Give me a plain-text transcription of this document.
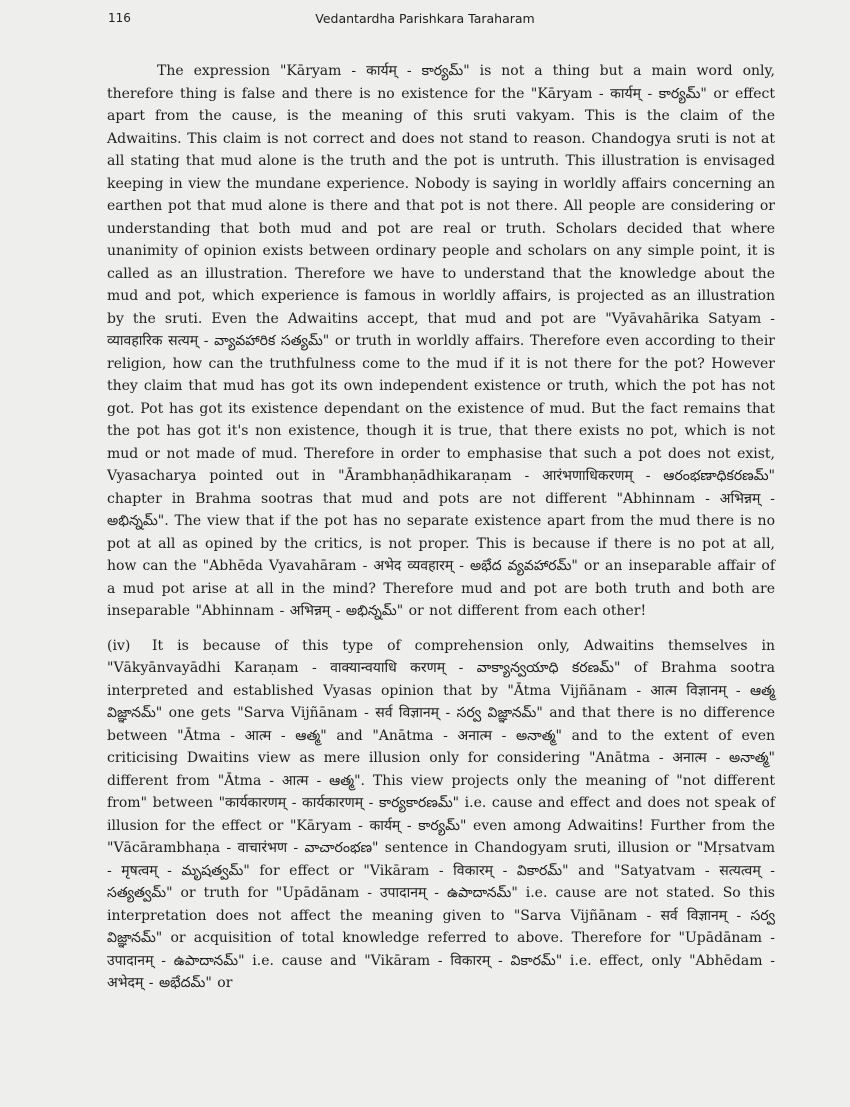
116	Vedantardha Parishkara Taraharam

The expression "Kāryam - कार्यम् - కార్యమ్" is not a thing but a main word only, therefore thing is false and there is no existence for the "Kāryam - कार्यम् - కార్యమ్" or effect apart from the cause, is the meaning of this sruti vakyam. This is the claim of the Adwaitins. This claim is not correct and does not stand to reason. Chandogya sruti is not at all stating that mud alone is the truth and the pot is untruth. This illustration is envisaged keeping in view the mundane experience. Nobody is saying in worldly affairs concerning an earthen pot that mud alone is there and that pot is not there. All people are considering or understanding that both mud and pot are real or truth. Scholars decided that where unanimity of opinion exists between ordinary people and scholars on any simple point, it is called as an illustration. Therefore we have to understand that the knowledge about the mud and pot, which experience is famous in worldly affairs, is projected as an illustration by the sruti. Even the Adwaitins accept, that mud and pot are "Vyāvahārika Satyam - व्यावहारिक सत्यम् - వ్యావహారిక సత్యమ్" or truth in worldly affairs. Therefore even according to their religion, how can the truthfulness come to the mud if it is not there for the pot? However they claim that mud has got its own independent existence or truth, which the pot has not got. Pot has got its existence dependant on the existence of mud. But the fact remains that the pot has got it's non existence, though it is true, that there exists no pot, which is not mud or not made of mud. Therefore in order to emphasise that such a pot does not exist, Vyasacharya pointed out in "Ārambhaṇādhikaraṇam - आरंभणाधिकरणम् - ఆరంభణాధికరణమ్" chapter in Brahma sootras that mud and pots are not different "Abhinnam - अभिन्नम् - అభిన్నమ్". The view that if the pot has no separate existence apart from the mud there is no pot at all as opined by the critics, is not proper. This is because if there is no pot at all, how can the "Abhēda Vyavahāram - अभेद व्यवहारम् - అభేద వ్యవహారమ్" or an inseparable affair of a mud pot arise at all in the mind? Therefore mud and pot are both truth and both are inseparable "Abhinnam - अभिन्नम् - అభిన్నమ్" or not different from each other!

(iv) It is because of this type of comprehension only, Adwaitins themselves in "Vākyānvayādhi Karaṇam - वाक्यान्वयाधि करणम् - వాక్యాన్వయాధి కరణమ్" of Brahma sootra interpreted and established Vyasas opinion that by "Ātma Vijñānam - आत्म विज्ञानम् - ఆత్మ విజ్ఞానమ్" one gets "Sarva Vijñānam - सर्व विज्ञानम् - సర్వ విజ్ఞానమ్" and that there is no difference between "Ātma - आत्म - ఆత్మ" and "Anātma - अनात्म - అనాత్మ" and to the extent of even criticising Dwaitins view as mere illusion only for considering "Anātma - अनात्म - అనాత్మ" different from "Ātma - आत्म - ఆత్మ". This view projects only the meaning of "not different from" between "कार्यकारणम् - कार्यकारणम् - కార్యకారణమ్" i.e. cause and effect and does not speak of illusion for the effect or "Kāryam - कार्यम् - కార్యమ్" even among Adwaitins! Further from the "Vācārambhaṇa - वाचारंभण - వాచారంభణ" sentence in Chandogyam sruti, illusion or "Mṛsatvam - मृषत्वम् - మృషత్వమ్" for effect or "Vikāram - विकारम् - వికారమ్" and "Satyatvam - सत्यत्वम् - సత్యత్వమ్" or truth for "Upādānam - उपादानम् - ఉపాదానమ్" i.e. cause are not stated. So this interpretation does not affect the meaning given to "Sarva Vijñānam - सर्व विज्ञानम् - సర్వ విజ్ఞానమ్" or acquisition of total knowledge referred to above. Therefore for "Upādānam - उपादानम् - ఉపాదానమ్" i.e. cause and "Vikāram - विकारम् - వికారమ్" i.e. effect, only "Abhēdam - अभेदम् - అభేదమ్" or
